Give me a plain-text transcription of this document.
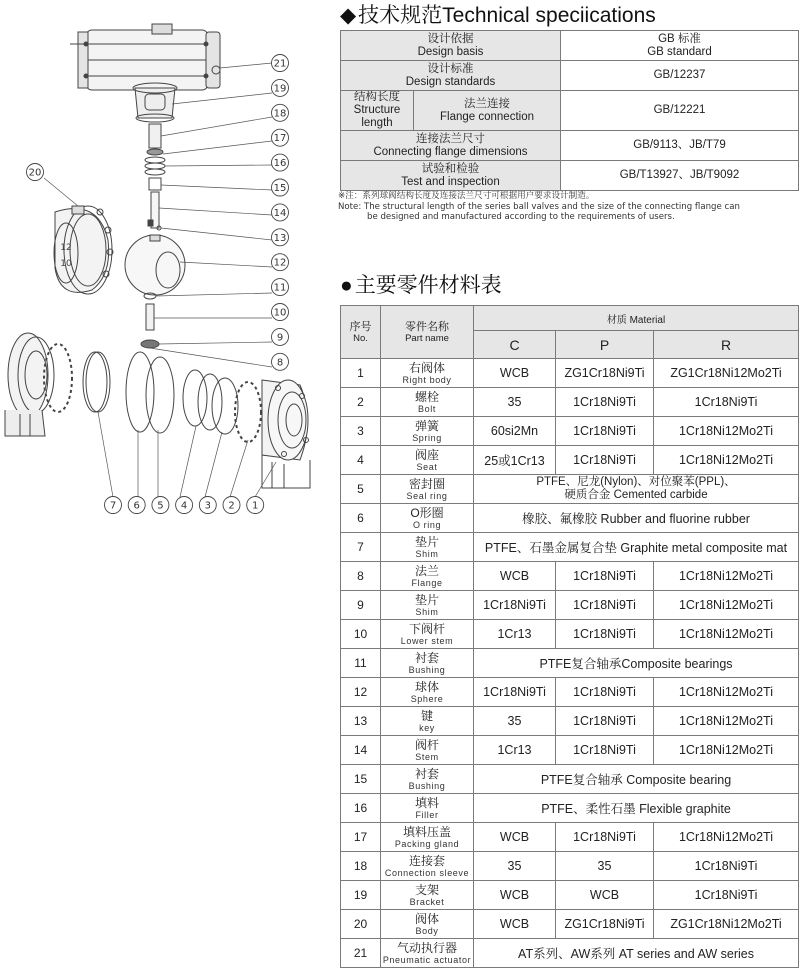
21
19
18
17
16
15
14
13
12
11
10
9
8
20
7 6 5 4 3 2 1
12
10
◆技术规范Technical speciications
设计依据
Design basis		GB 标准
GB standard

设计标准
Design standards		GB/12237

结构长度
Structure length	法兰连接
Flange connection	GB/12221

连接法兰尺寸
Connecting flange dimensions		GB/9113、JB/T79

试验和检验
Test and inspection		GB/T13927、JB/T9092
※注：系列球阀结构长度及连接法兰尺寸可根据用户要求设计制造。
Note: The structural length of the series ball valves and the size of the connecting flange can
be designed and manufactured according to the requirements of users.
●主要零件材料表
序号
No.	零件名称
Part name	材质 Material		
		C	P	R
1	右阀体
Right body	WCB	ZG1Cr18Ni9Ti	ZG1Cr18Ni12Mo2Ti
2	螺栓
Bolt	35	1Cr18Ni9Ti	1Cr18Ni9Ti
3	弹簧
Spring	60si2Mn	1Cr18Ni9Ti	1Cr18Ni12Mo2Ti
4	阀座
Seat	25或1Cr13	1Cr18Ni9Ti	1Cr18Ni12Mo2Ti
5	密封圈
Seal ring	PTFE、尼龙(Nylon)、对位聚苯(PPL)、
硬质合金 Cemented carbide		

6	O形圈
O ring	橡胶、氟橡胶 Rubber and fluorine rubber		
7	垫片
Shim	PTFE、石墨金属复合垫 Graphite metal composite mat		
8	法兰
Flange	WCB	1Cr18Ni9Ti	1Cr18Ni12Mo2Ti
9	垫片
Shim	1Cr18Ni9Ti	1Cr18Ni9Ti	1Cr18Ni12Mo2Ti
10	下阀杆
Lower stem	1Cr13	1Cr18Ni9Ti	1Cr18Ni12Mo2Ti
11	衬套
Bushing	PTFE复合轴承Composite bearings		
12	球体
Sphere	1Cr18Ni9Ti	1Cr18Ni9Ti	1Cr18Ni12Mo2Ti
13	键
key	35	1Cr18Ni9Ti	1Cr18Ni12Mo2Ti
14	阀杆
Stem	1Cr13	1Cr18Ni9Ti	1Cr18Ni12Mo2Ti
15	衬套
Bushing	PTFE复合轴承 Composite bearing		
16	填料
Filler	PTFE、柔性石墨 Flexible graphite		
17	填料压盖
Packing gland	WCB	1Cr18Ni9Ti	1Cr18Ni12Mo2Ti
18	连接套
Connection sleeve	35	35	1Cr18Ni9Ti
19	支架
Bracket	WCB	WCB	1Cr18Ni9Ti
20	阀体
Body	WCB	ZG1Cr18Ni9Ti	ZG1Cr18Ni12Mo2Ti
21	气动执行器
Pneumatic actuator	AT系列、AW系列 AT series and AW series		
